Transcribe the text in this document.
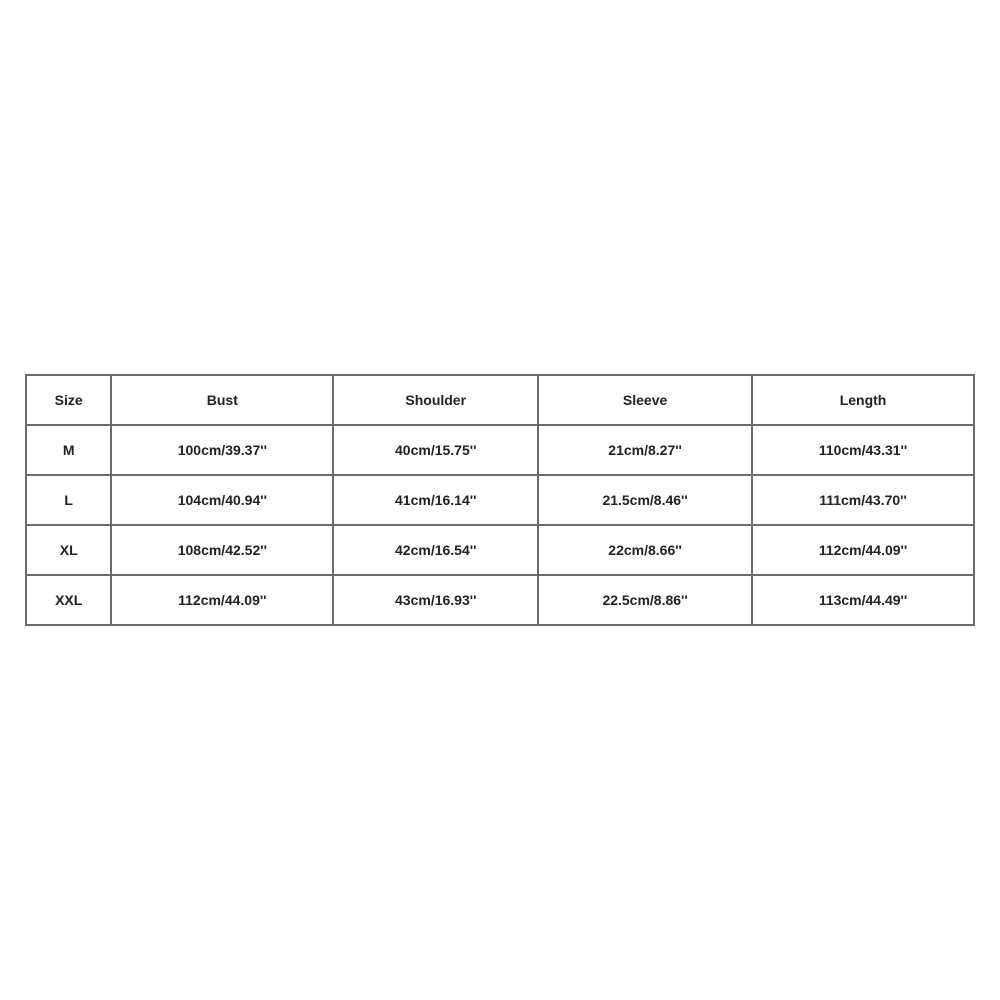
Size	Bust	Shoulder	Sleeve	Length
M	100cm/39.37''	40cm/15.75''	21cm/8.27''	110cm/43.31''
L	104cm/40.94''	41cm/16.14''	21.5cm/8.46''	111cm/43.70''
XL	108cm/42.52''	42cm/16.54''	22cm/8.66''	112cm/44.09''
XXL	112cm/44.09''	43cm/16.93''	22.5cm/8.86''	113cm/44.49''
